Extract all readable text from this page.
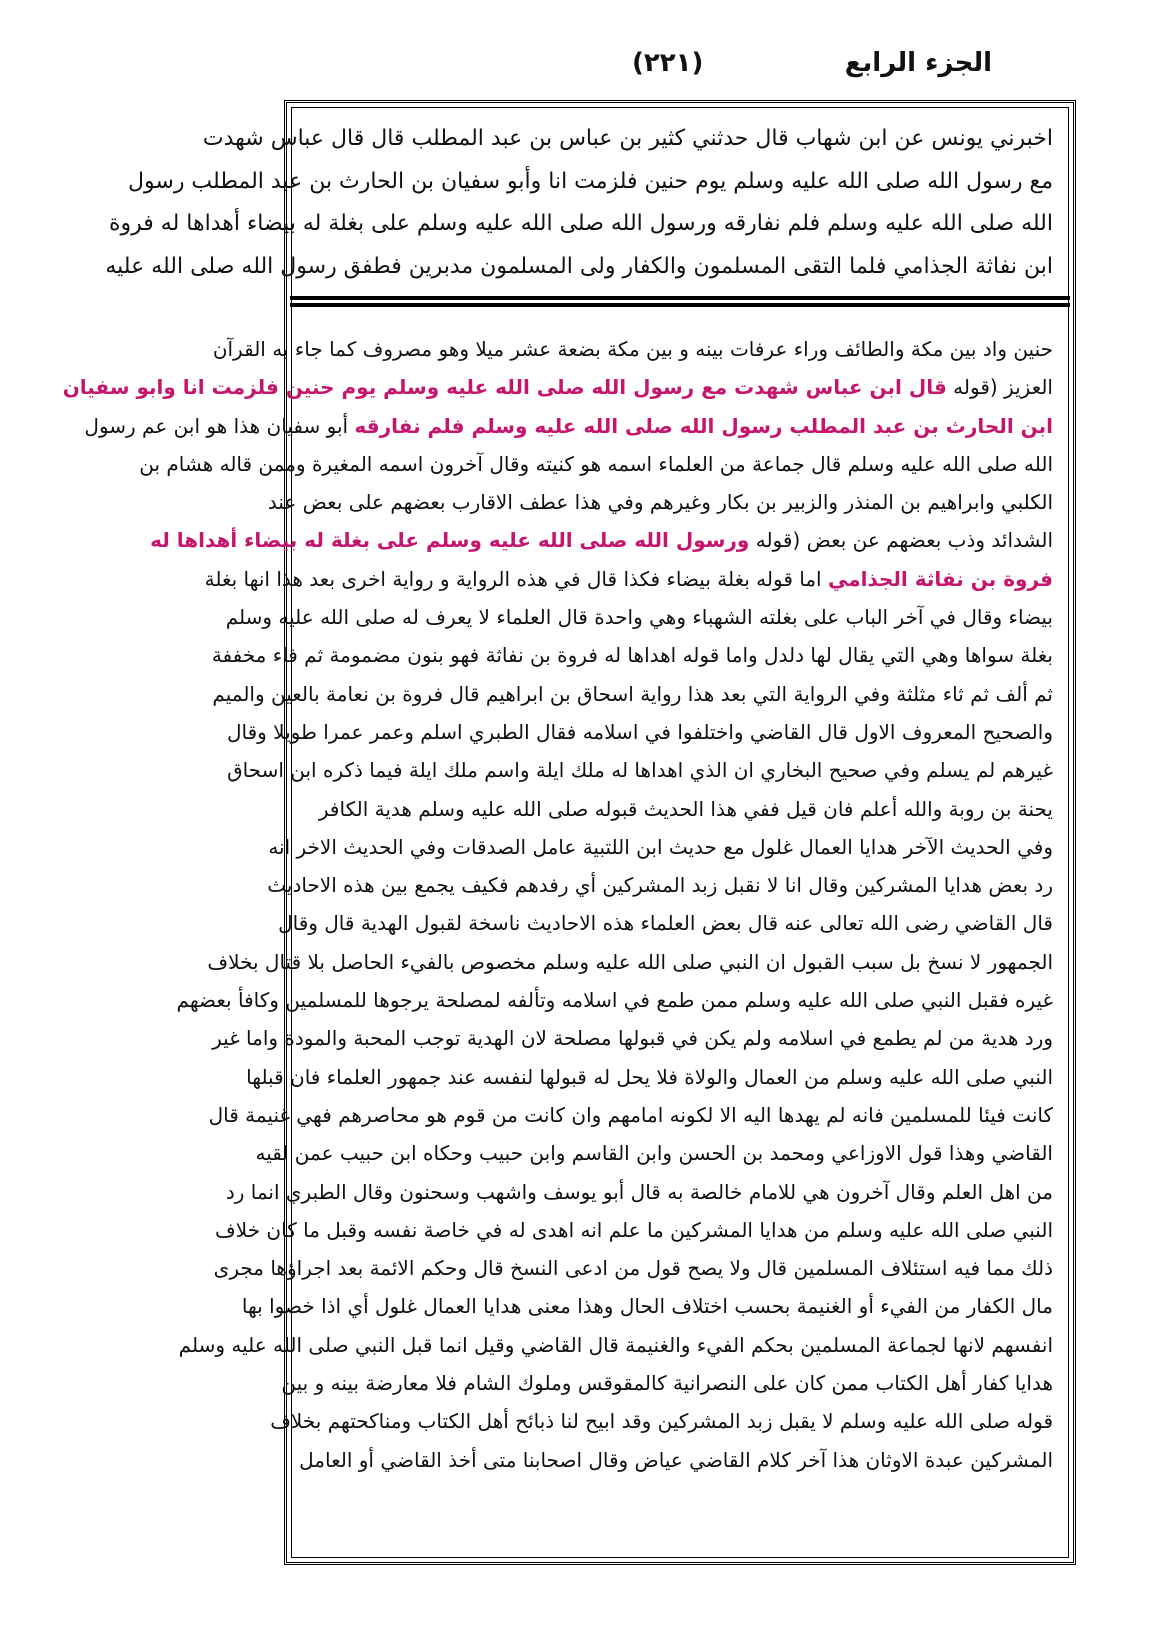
الجزء الرابع
(٢٢١)
اخبرني يونس عن ابن شهاب قال حدثني كثير بن عباس بن عبد المطلب قال قال عباس شهدت
مع رسول الله صلى الله عليه وسلم يوم حنين فلزمت انا وأبو سفيان بن الحارث بن عبد المطلب رسول
الله صلى الله عليه وسلم فلم نفارقه ورسول الله صلى الله عليه وسلم على بغلة له بيضاء أهداها له فروة
ابن نفاثة الجذامي فلما التقى المسلمون والكفار ولى المسلمون مدبرين فطفق رسول الله صلى الله عليه
حنين واد بين مكة والطائف وراء عرفات بينه و بين مكة بضعة عشر ميلا وهو مصروف كما جاء به القرآن
العزيز (قوله قال ابن عباس شهدت مع رسول الله صلى الله عليه وسلم يوم حنين فلزمت انا وابو سفيان
ابن الحارث بن عبد المطلب رسول الله صلى الله عليه وسلم فلم نفارقه أبو سفيان هذا هو ابن عم رسول
الله صلى الله عليه وسلم قال جماعة من العلماء اسمه هو كنيته وقال آخرون اسمه المغيرة وممن قاله هشام بن
الكلبي وابراهيم بن المنذر والزبير بن بكار وغيرهم وفي هذا عطف الاقارب بعضهم على بعض عند
الشدائد وذب بعضهم عن بعض (قوله ورسول الله صلى الله عليه وسلم على بغلة له بيضاء أهداها له
فروة بن نفاثة الجذامي اما قوله بغلة بيضاء فكذا قال في هذه الرواية و رواية اخرى بعد هذا انها بغلة
بيضاء وقال في آخر الباب على بغلته الشهباء وهي واحدة قال العلماء لا يعرف له صلى الله عليه وسلم
بغلة سواها وهي التي يقال لها دلدل واما قوله اهداها له فروة بن نفاثة فهو بنون مضمومة ثم فاء مخففة
ثم ألف ثم ثاء مثلثة وفي الرواية التي بعد هذا رواية اسحاق بن ابراهيم قال فروة بن نعامة بالعين والميم
والصحيح المعروف الاول قال القاضي واختلفوا في اسلامه فقال الطبري اسلم وعمر عمرا طويلا وقال
غيرهم لم يسلم وفي صحيح البخاري ان الذي اهداها له ملك ايلة واسم ملك ايلة فيما ذكره ابن اسحاق
يحنة بن روبة والله أعلم فان قيل ففي هذا الحديث قبوله صلى الله عليه وسلم هدية الكافر
وفي الحديث الآخر هدايا العمال غلول مع حديث ابن اللتبية عامل الصدقات وفي الحديث الاخر انه
رد بعض هدايا المشركين وقال انا لا نقبل زبد المشركين أي رفدهم فكيف يجمع بين هذه الاحاديث
قال القاضي رضى الله تعالى عنه قال بعض العلماء هذه الاحاديث ناسخة لقبول الهدية قال وقال
الجمهور لا نسخ بل سبب القبول ان النبي صلى الله عليه وسلم مخصوص بالفيء الحاصل بلا قتال بخلاف
غيره فقبل النبي صلى الله عليه وسلم ممن طمع في اسلامه وتألفه لمصلحة يرجوها للمسلمين وكافأ بعضهم
ورد هدية من لم يطمع في اسلامه ولم يكن في قبولها مصلحة لان الهدية توجب المحبة والمودة واما غير
النبي صلى الله عليه وسلم من العمال والولاة فلا يحل له قبولها لنفسه عند جمهور العلماء فان قبلها
كانت فيئا للمسلمين فانه لم يهدها اليه الا لكونه امامهم وان كانت من قوم هو محاصرهم فهي غنيمة قال
القاضي وهذا قول الاوزاعي ومحمد بن الحسن وابن القاسم وابن حبيب وحكاه ابن حبيب عمن لقيه
من اهل العلم وقال آخرون هي للامام خالصة به قال أبو يوسف واشهب وسحنون وقال الطبري انما رد
النبي صلى الله عليه وسلم من هدايا المشركين ما علم انه اهدى له في خاصة نفسه وقبل ما كان خلاف
ذلك مما فيه استئلاف المسلمين قال ولا يصح قول من ادعى النسخ قال وحكم الائمة بعد اجراؤها مجرى
مال الكفار من الفيء أو الغنيمة بحسب اختلاف الحال وهذا معنى هدايا العمال غلول أي اذا خصوا بها
انفسهم لانها لجماعة المسلمين بحكم الفيء والغنيمة قال القاضي وقيل انما قبل النبي صلى الله عليه وسلم
هدايا كفار أهل الكتاب ممن كان على النصرانية كالمقوقس وملوك الشام فلا معارضة بينه و بين
قوله صلى الله عليه وسلم لا يقبل زبد المشركين وقد ابيح لنا ذبائح أهل الكتاب ومناكحتهم بخلاف
المشركين عبدة الاوثان هذا آخر كلام القاضي عياض وقال اصحابنا متى أخذ القاضي أو العامل
